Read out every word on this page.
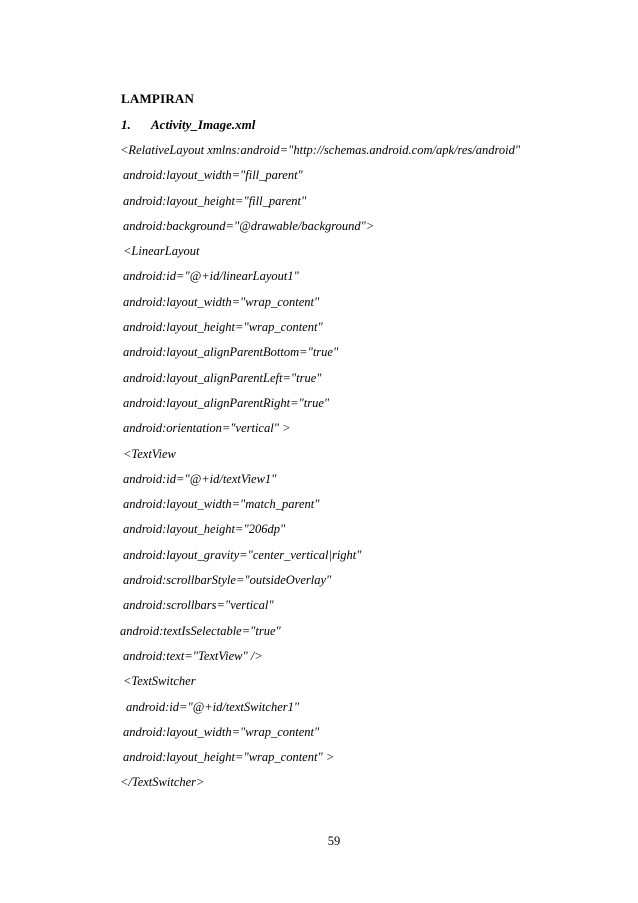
LAMPIRAN
1. Activity_Image.xml
<RelativeLayout xmlns:android="http://schemas.android.com/apk/res/android"
android:layout_width="fill_parent"
android:layout_height="fill_parent"
android:background="@drawable/background">
<LinearLayout
android:id="@+id/linearLayout1"
android:layout_width="wrap_content"
android:layout_height="wrap_content"
android:layout_alignParentBottom="true"
android:layout_alignParentLeft="true"
android:layout_alignParentRight="true"
android:orientation="vertical" >
<TextView
android:id="@+id/textView1"
android:layout_width="match_parent"
android:layout_height="206dp"
android:layout_gravity="center_vertical|right"
android:scrollbarStyle="outsideOverlay"
android:scrollbars="vertical"
android:textIsSelectable="true"
android:text="TextView" />
<TextSwitcher
android:id="@+id/textSwitcher1"
android:layout_width="wrap_content"
android:layout_height="wrap_content" >
</TextSwitcher>
59
